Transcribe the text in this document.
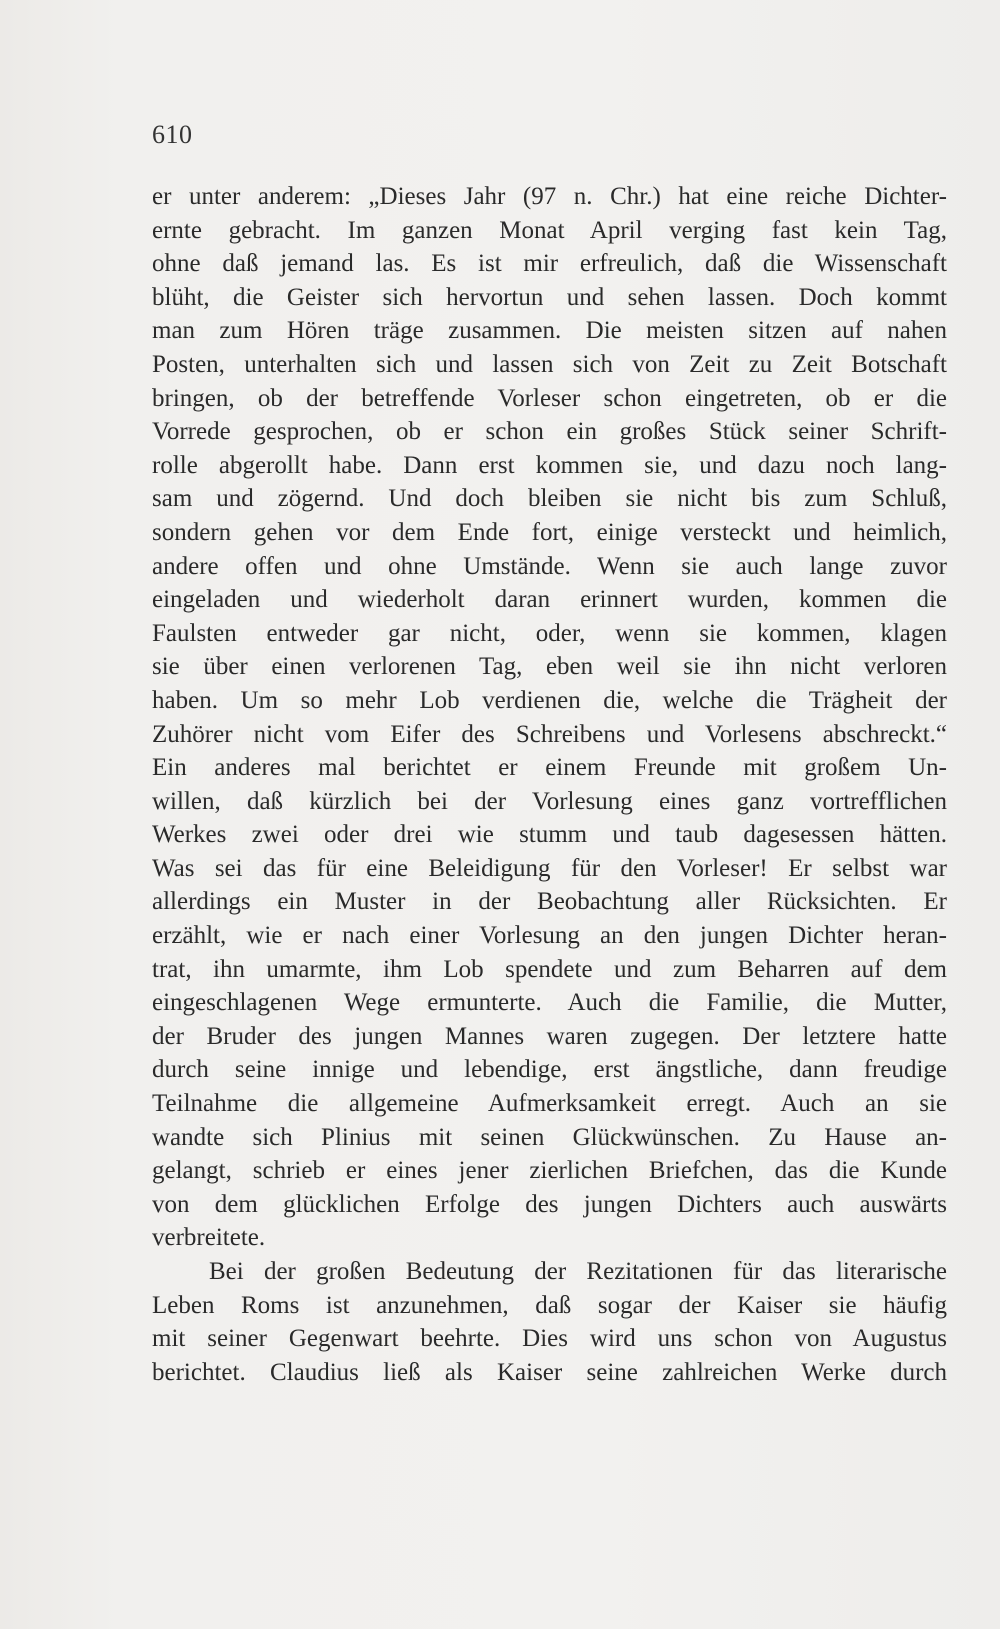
610
er unter anderem: „Dieses Jahr (97 n. Chr.) hat eine reiche Dichter-
ernte gebracht. Im ganzen Monat April verging fast kein Tag,
ohne daß jemand las. Es ist mir erfreulich, daß die Wissenschaft
blüht, die Geister sich hervortun und sehen lassen. Doch kommt
man zum Hören träge zusammen. Die meisten sitzen auf nahen
Posten, unterhalten sich und lassen sich von Zeit zu Zeit Botschaft
bringen, ob der betreffende Vorleser schon eingetreten, ob er die
Vorrede gesprochen, ob er schon ein großes Stück seiner Schrift-
rolle abgerollt habe. Dann erst kommen sie, und dazu noch lang-
sam und zögernd. Und doch bleiben sie nicht bis zum Schluß,
sondern gehen vor dem Ende fort, einige versteckt und heimlich,
andere offen und ohne Umstände. Wenn sie auch lange zuvor
eingeladen und wiederholt daran erinnert wurden, kommen die
Faulsten entweder gar nicht, oder, wenn sie kommen, klagen
sie über einen verlorenen Tag, eben weil sie ihn nicht verloren
haben. Um so mehr Lob verdienen die, welche die Trägheit der
Zuhörer nicht vom Eifer des Schreibens und Vorlesens abschreckt.“
Ein anderes mal berichtet er einem Freunde mit großem Un-
willen, daß kürzlich bei der Vorlesung eines ganz vortrefflichen
Werkes zwei oder drei wie stumm und taub dagesessen hätten.
Was sei das für eine Beleidigung für den Vorleser! Er selbst war
allerdings ein Muster in der Beobachtung aller Rücksichten. Er
erzählt, wie er nach einer Vorlesung an den jungen Dichter heran-
trat, ihn umarmte, ihm Lob spendete und zum Beharren auf dem
eingeschlagenen Wege ermunterte. Auch die Familie, die Mutter,
der Bruder des jungen Mannes waren zugegen. Der letztere hatte
durch seine innige und lebendige, erst ängstliche, dann freudige
Teilnahme die allgemeine Aufmerksamkeit erregt. Auch an sie
wandte sich Plinius mit seinen Glückwünschen. Zu Hause an-
gelangt, schrieb er eines jener zierlichen Briefchen, das die Kunde
von dem glücklichen Erfolge des jungen Dichters auch auswärts
verbreitete.
Bei der großen Bedeutung der Rezitationen für das literarische
Leben Roms ist anzunehmen, daß sogar der Kaiser sie häufig
mit seiner Gegenwart beehrte. Dies wird uns schon von Augustus
berichtet. Claudius ließ als Kaiser seine zahlreichen Werke durch
